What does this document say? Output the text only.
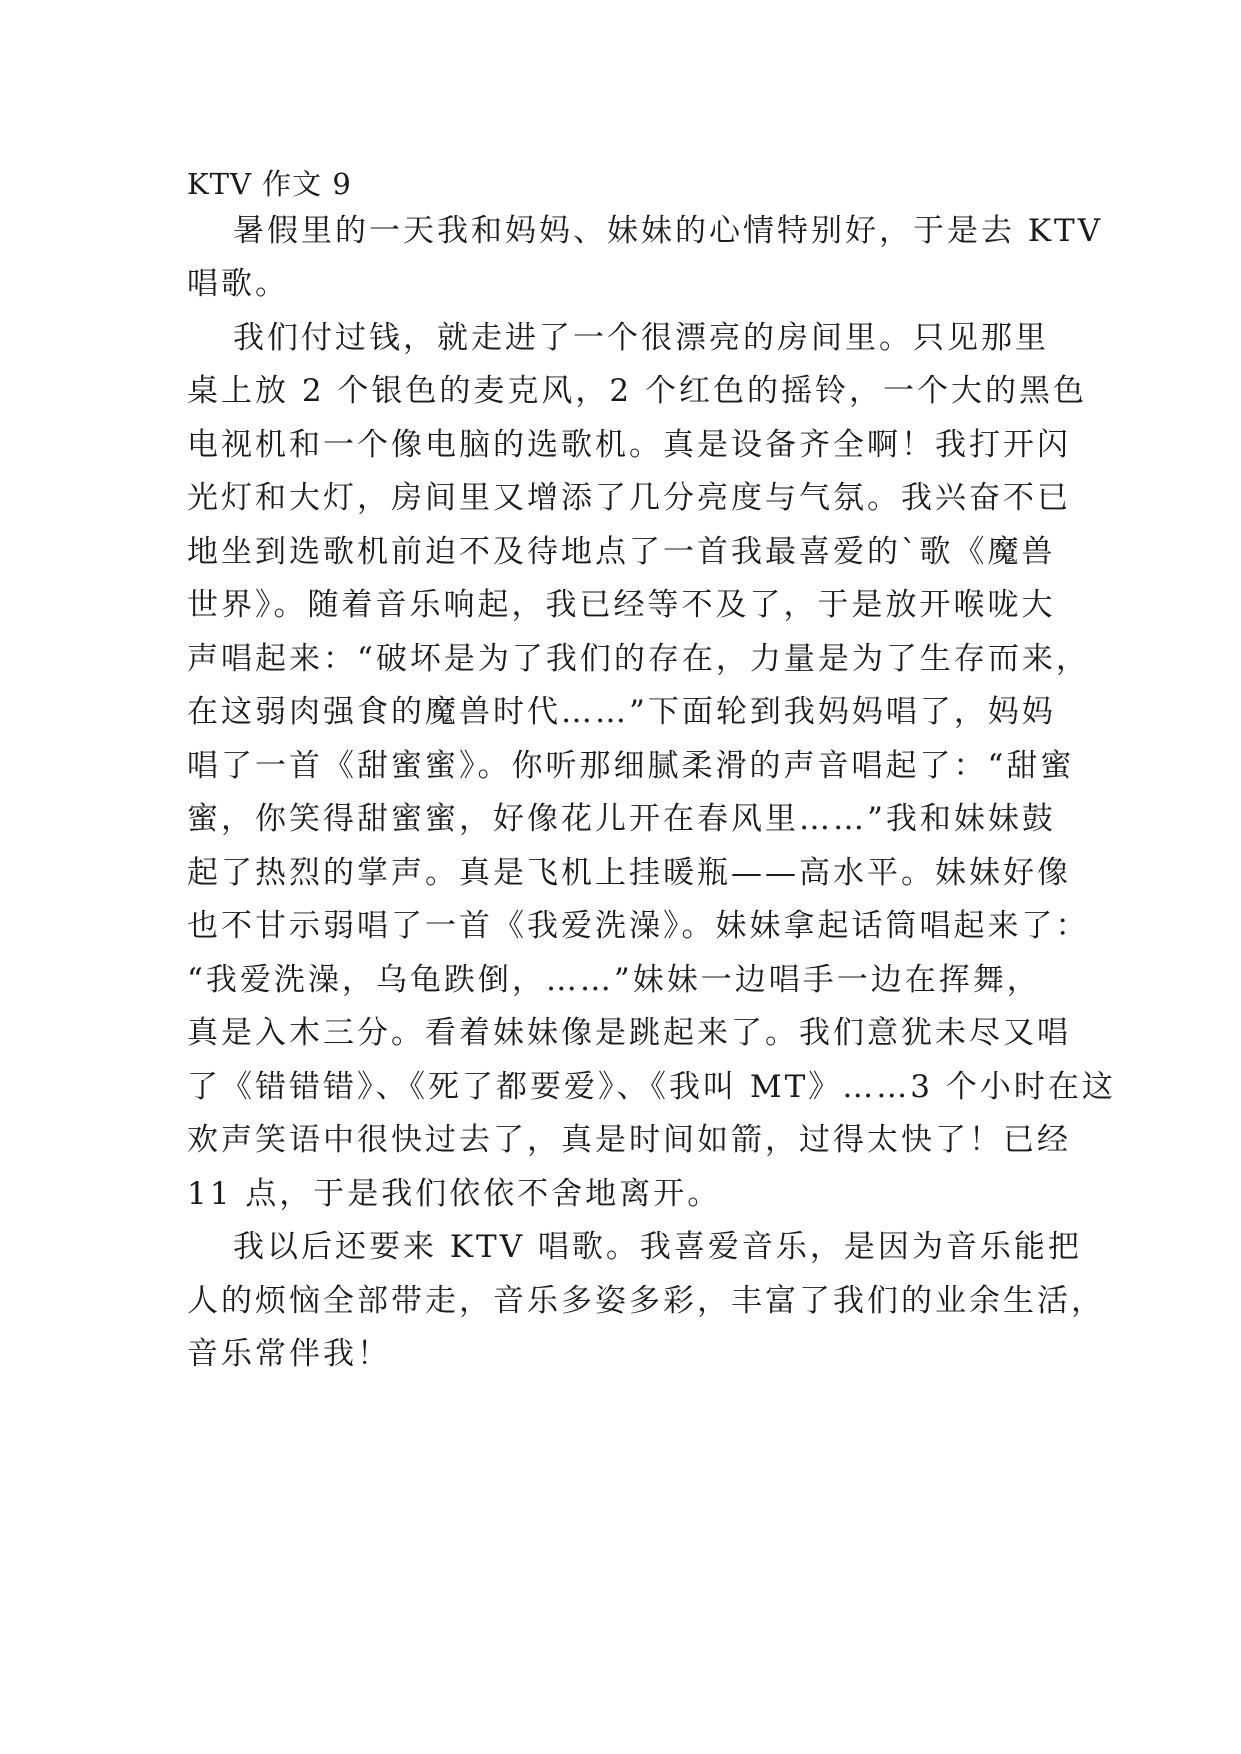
KTV 作文 9
暑假里的一天我和妈妈、妹妹的心情特别好，于是去 KTV
唱歌。
我们付过钱，就走进了一个很漂亮的房间里。只见那里
桌上放 2 个银色的麦克风，2 个红色的摇铃，一个大的黑色
电视机和一个像电脑的选歌机。真是设备齐全啊！我打开闪
光灯和大灯，房间里又增添了几分亮度与气氛。我兴奋不已
地坐到选歌机前迫不及待地点了一首我最喜爱的`歌《魔兽
世界》。随着音乐响起，我已经等不及了，于是放开喉咙大
声唱起来：“破坏是为了我们的存在，力量是为了生存而来，
在这弱肉强食的魔兽时代……”下面轮到我妈妈唱了，妈妈
唱了一首《甜蜜蜜》。你听那细腻柔滑的声音唱起了：“甜蜜
蜜，你笑得甜蜜蜜，好像花儿开在春风里……”我和妹妹鼓
起了热烈的掌声。真是飞机上挂暖瓶——高水平。妹妹好像
也不甘示弱唱了一首《我爱洗澡》。妹妹拿起话筒唱起来了：
“我爱洗澡，乌龟跌倒，……”妹妹一边唱手一边在挥舞，
真是入木三分。看着妹妹像是跳起来了。我们意犹未尽又唱
了《错错错》、《死了都要爱》、《我叫 MT》……3 个小时在这
欢声笑语中很快过去了，真是时间如箭，过得太快了！已经
11 点，于是我们依依不舍地离开。
我以后还要来 KTV 唱歌。我喜爱音乐，是因为音乐能把
人的烦恼全部带走，音乐多姿多彩，丰富了我们的业余生活，
音乐常伴我！
